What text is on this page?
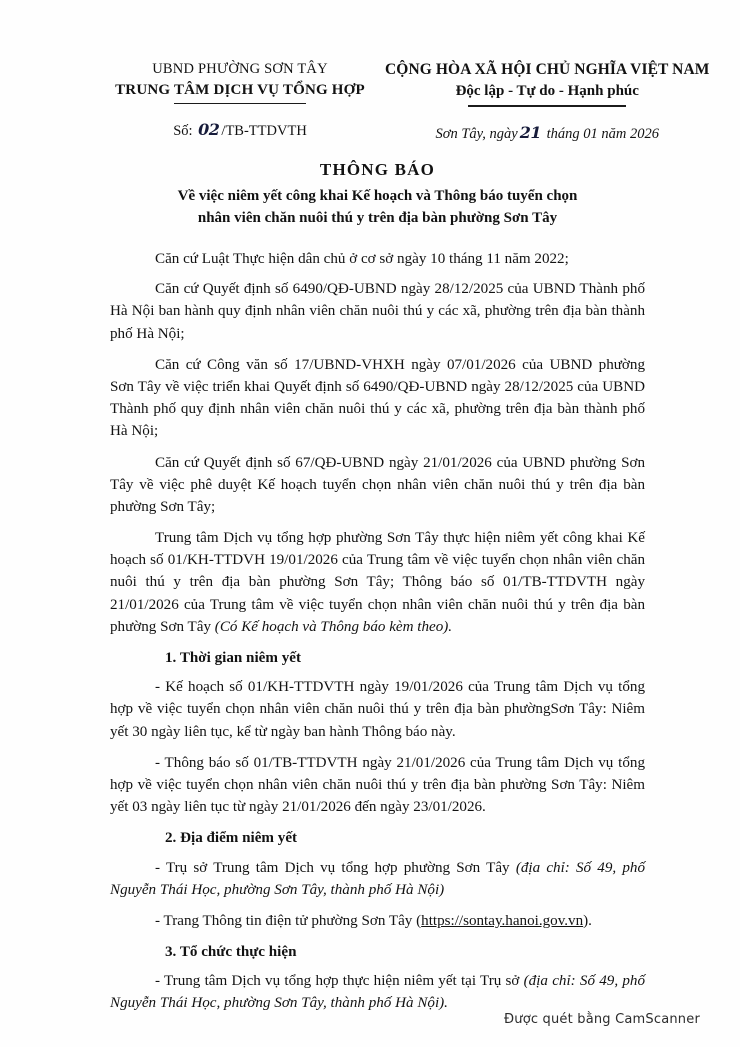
UBND PHƯỜNG SƠN TÂY
TRUNG TÂM DỊCH VỤ TỔNG HỢP
Số: 02 /TB-TTDVTH
CỘNG HÒA XÃ HỘI CHỦ NGHĨA VIỆT NAM
Độc lập - Tự do - Hạnh phúc
Sơn Tây, ngày 21 tháng 01 năm 2026
THÔNG BÁO
Về việc niêm yết công khai Kế hoạch và Thông báo tuyển chọn
nhân viên chăn nuôi thú y trên địa bàn phường Sơn Tây

Căn cứ Luật Thực hiện dân chủ ở cơ sở ngày 10 tháng 11 năm 2022;

Căn cứ Quyết định số 6490/QĐ-UBND ngày 28/12/2025 của UBND Thành phố Hà Nội ban hành quy định nhân viên chăn nuôi thú y các xã, phường trên địa bàn thành phố Hà Nội;

Căn cứ Công văn số 17/UBND-VHXH ngày 07/01/2026 của UBND phường Sơn Tây về việc triển khai Quyết định số 6490/QĐ-UBND ngày 28/12/2025 của UBND Thành phố quy định nhân viên chăn nuôi thú y các xã, phường trên địa bàn thành phố Hà Nội;

Căn cứ Quyết định số 67/QĐ-UBND ngày 21/01/2026 của UBND phường Sơn Tây về việc phê duyệt Kế hoạch tuyển chọn nhân viên chăn nuôi thú y trên địa bàn phường Sơn Tây;

Trung tâm Dịch vụ tổng hợp phường Sơn Tây thực hiện niêm yết công khai Kế hoạch số 01/KH-TTDVH 19/01/2026 của Trung tâm về việc tuyển chọn nhân viên chăn nuôi thú y trên địa bàn phường Sơn Tây; Thông báo số 01/TB-TTDVTH ngày 21/01/2026 của Trung tâm về việc tuyển chọn nhân viên chăn nuôi thú y trên địa bàn phường Sơn Tây (Có Kế hoạch và Thông báo kèm theo).

1. Thời gian niêm yết

- Kế hoạch số 01/KH-TTDVTH ngày 19/01/2026 của Trung tâm Dịch vụ tổng hợp về việc tuyển chọn nhân viên chăn nuôi thú y trên địa bàn phườngSơn Tây: Niêm yết 30 ngày liên tục, kể từ ngày ban hành Thông báo này.

- Thông báo số 01/TB-TTDVTH ngày 21/01/2026 của Trung tâm Dịch vụ tổng hợp về việc tuyển chọn nhân viên chăn nuôi thú y trên địa bàn phường Sơn Tây: Niêm yết 03 ngày liên tục từ ngày 21/01/2026 đến ngày 23/01/2026.

2. Địa điểm niêm yết

- Trụ sở Trung tâm Dịch vụ tổng hợp phường Sơn Tây (địa chỉ: Số 49, phố Nguyễn Thái Học, phường Sơn Tây, thành phố Hà Nội)

- Trang Thông tin điện tử phường Sơn Tây (https://sontay.hanoi.gov.vn).

3. Tổ chức thực hiện

- Trung tâm Dịch vụ tổng hợp thực hiện niêm yết tại Trụ sở (địa chỉ: Số 49, phố Nguyễn Thái Học, phường Sơn Tây, thành phố Hà Nội).

Được quét bằng CamScanner
